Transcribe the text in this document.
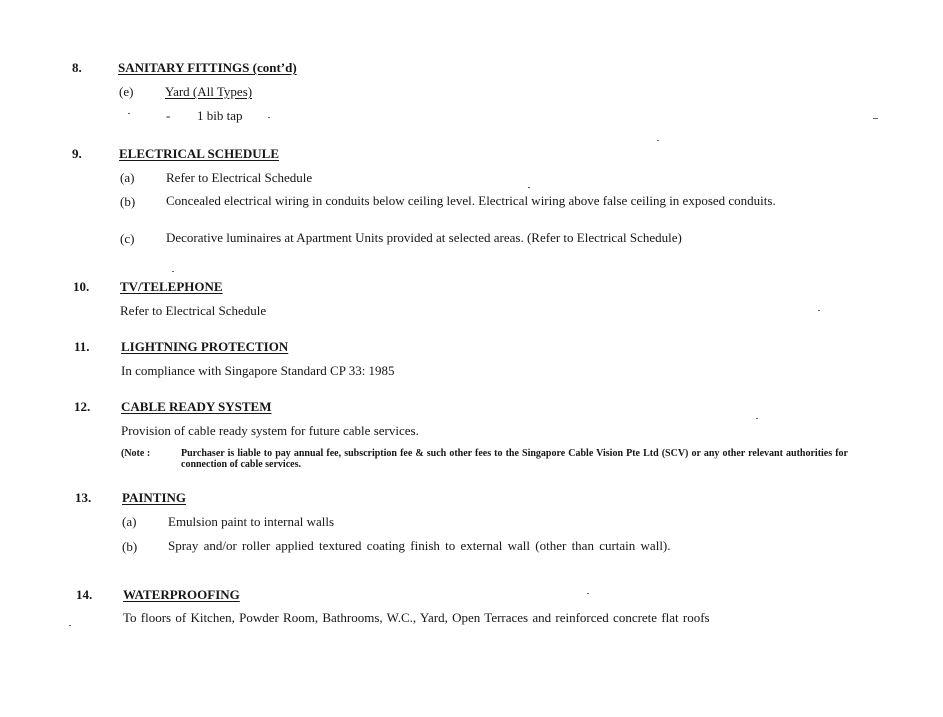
8.	SANITARY FITTINGS (cont’d)
(e) Yard (All Types)
- 1 bib tap
9.	ELECTRICAL SCHEDULE
(a) Refer to Electrical Schedule
(b) Concealed electrical wiring in conduits below ceiling level. Electrical wiring above false ceiling in exposed conduits.
(c) Decorative luminaires at Apartment Units provided at selected areas. (Refer to Electrical Schedule)
10. TV/TELEPHONE
Refer to Electrical Schedule
11. LIGHTNING PROTECTION
In compliance with Singapore Standard CP 33: 1985
12. CABLE READY SYSTEM
Provision of cable ready system for future cable services.
(Note :	Purchaser is liable to pay annual fee, subscription fee & such other fees to the Singapore Cable Vision Pte Ltd (SCV) or any other relevant authorities for connection of cable services.
13. PAINTING
(a) Emulsion paint to internal walls
(b) Spray and/or roller applied textured coating finish to external wall (other than curtain wall).
14. WATERPROOFING
To floors of Kitchen, Powder Room, Bathrooms, W.C., Yard, Open Terraces and reinforced concrete flat roofs
